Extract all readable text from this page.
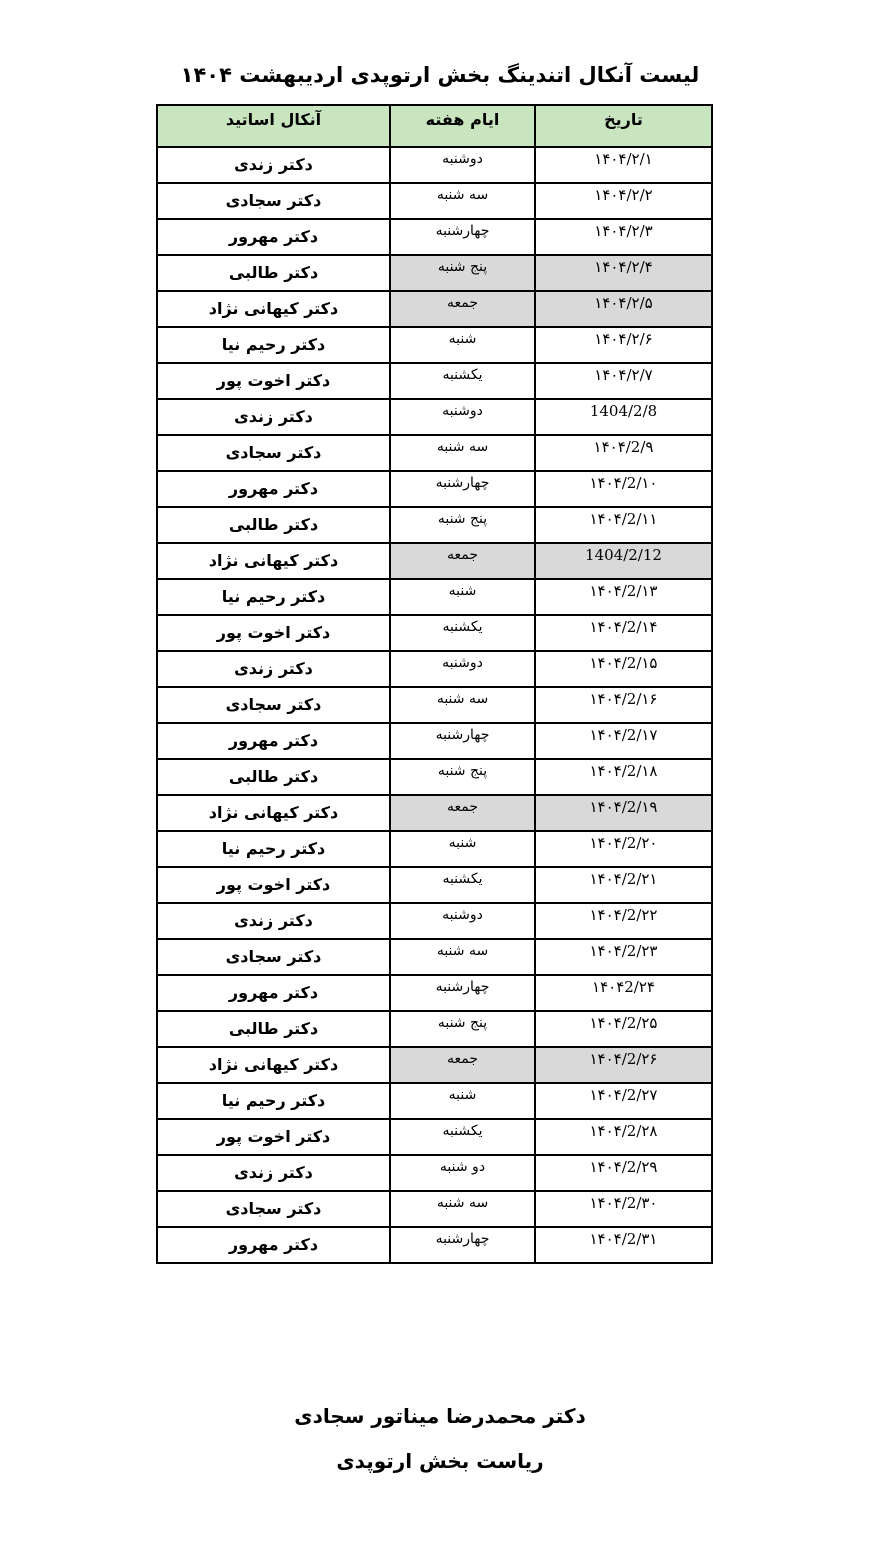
لیست آنکال اتندینگ بخش ارتوپدی اردیبهشت ۱۴۰۴
تاریخ	ایام هفته	آنکال اساتید
۱۴۰۴/۲/۱	دوشنبه	دکتر زندی
۱۴۰۴/۲/۲	سه شنبه	دکتر سجادی
۱۴۰۴/۲/۳	چهارشنبه	دکتر مهرور
۱۴۰۴/۲/۴	پنج شنبه	دکتر طالبی
۱۴۰۴/۲/۵	جمعه	دکتر کیهانی نژاد
۱۴۰۴/۲/۶	شنبه	دکتر رحیم نیا
۱۴۰۴/۲/۷	یکشنبه	دکتر اخوت پور
1404/2/8	دوشنبه	دکتر زندی
۱۴۰۴/2/۹	سه شنبه	دکتر سجادی
۱۴۰۴/2/۱۰	چهارشنبه	دکتر مهرور
۱۴۰۴/2/۱۱	پنج شنبه	دکتر طالبی
1404/2/12	جمعه	دکتر کیهانی نژاد
۱۴۰۴/2/۱۳	شنبه	دکتر رحیم نیا
۱۴۰۴/2/۱۴	یکشنبه	دکتر اخوت پور
۱۴۰۴/2/۱۵	دوشنبه	دکتر زندی
۱۴۰۴/2/۱۶	سه شنبه	دکتر سجادی
۱۴۰۴/2/۱۷	چهارشنبه	دکتر مهرور
۱۴۰۴/2/۱۸	پنج شنبه	دکتر طالبی
۱۴۰۴/2/۱۹	جمعه	دکتر کیهانی نژاد
۱۴۰۴/2/۲۰	شنبه	دکتر رحیم نیا
۱۴۰۴/2/۲۱	یکشنبه	دکتر اخوت پور
۱۴۰۴/2/۲۲	دوشنبه	دکتر زندی
۱۴۰۴/2/۲۳	سه شنبه	دکتر سجادی
۱۴۰۴2/۲۴	چهارشنبه	دکتر مهرور
۱۴۰۴/2/۲۵	پنج شنبه	دکتر طالبی
۱۴۰۴/2/۲۶	جمعه	دکتر کیهانی نژاد
۱۴۰۴/2/۲۷	شنبه	دکتر رحیم نیا
۱۴۰۴/2/۲۸	یکشنبه	دکتر اخوت پور
۱۴۰۴/2/۲۹	دو شنبه	دکتر زندی
۱۴۰۴/2/۳۰	سه شنبه	دکتر سجادی
۱۴۰۴/2/۳۱	چهارشنبه	دکتر مهرور
دکتر محمدرضا میناتور سجادی
ریاست بخش ارتوپدی
